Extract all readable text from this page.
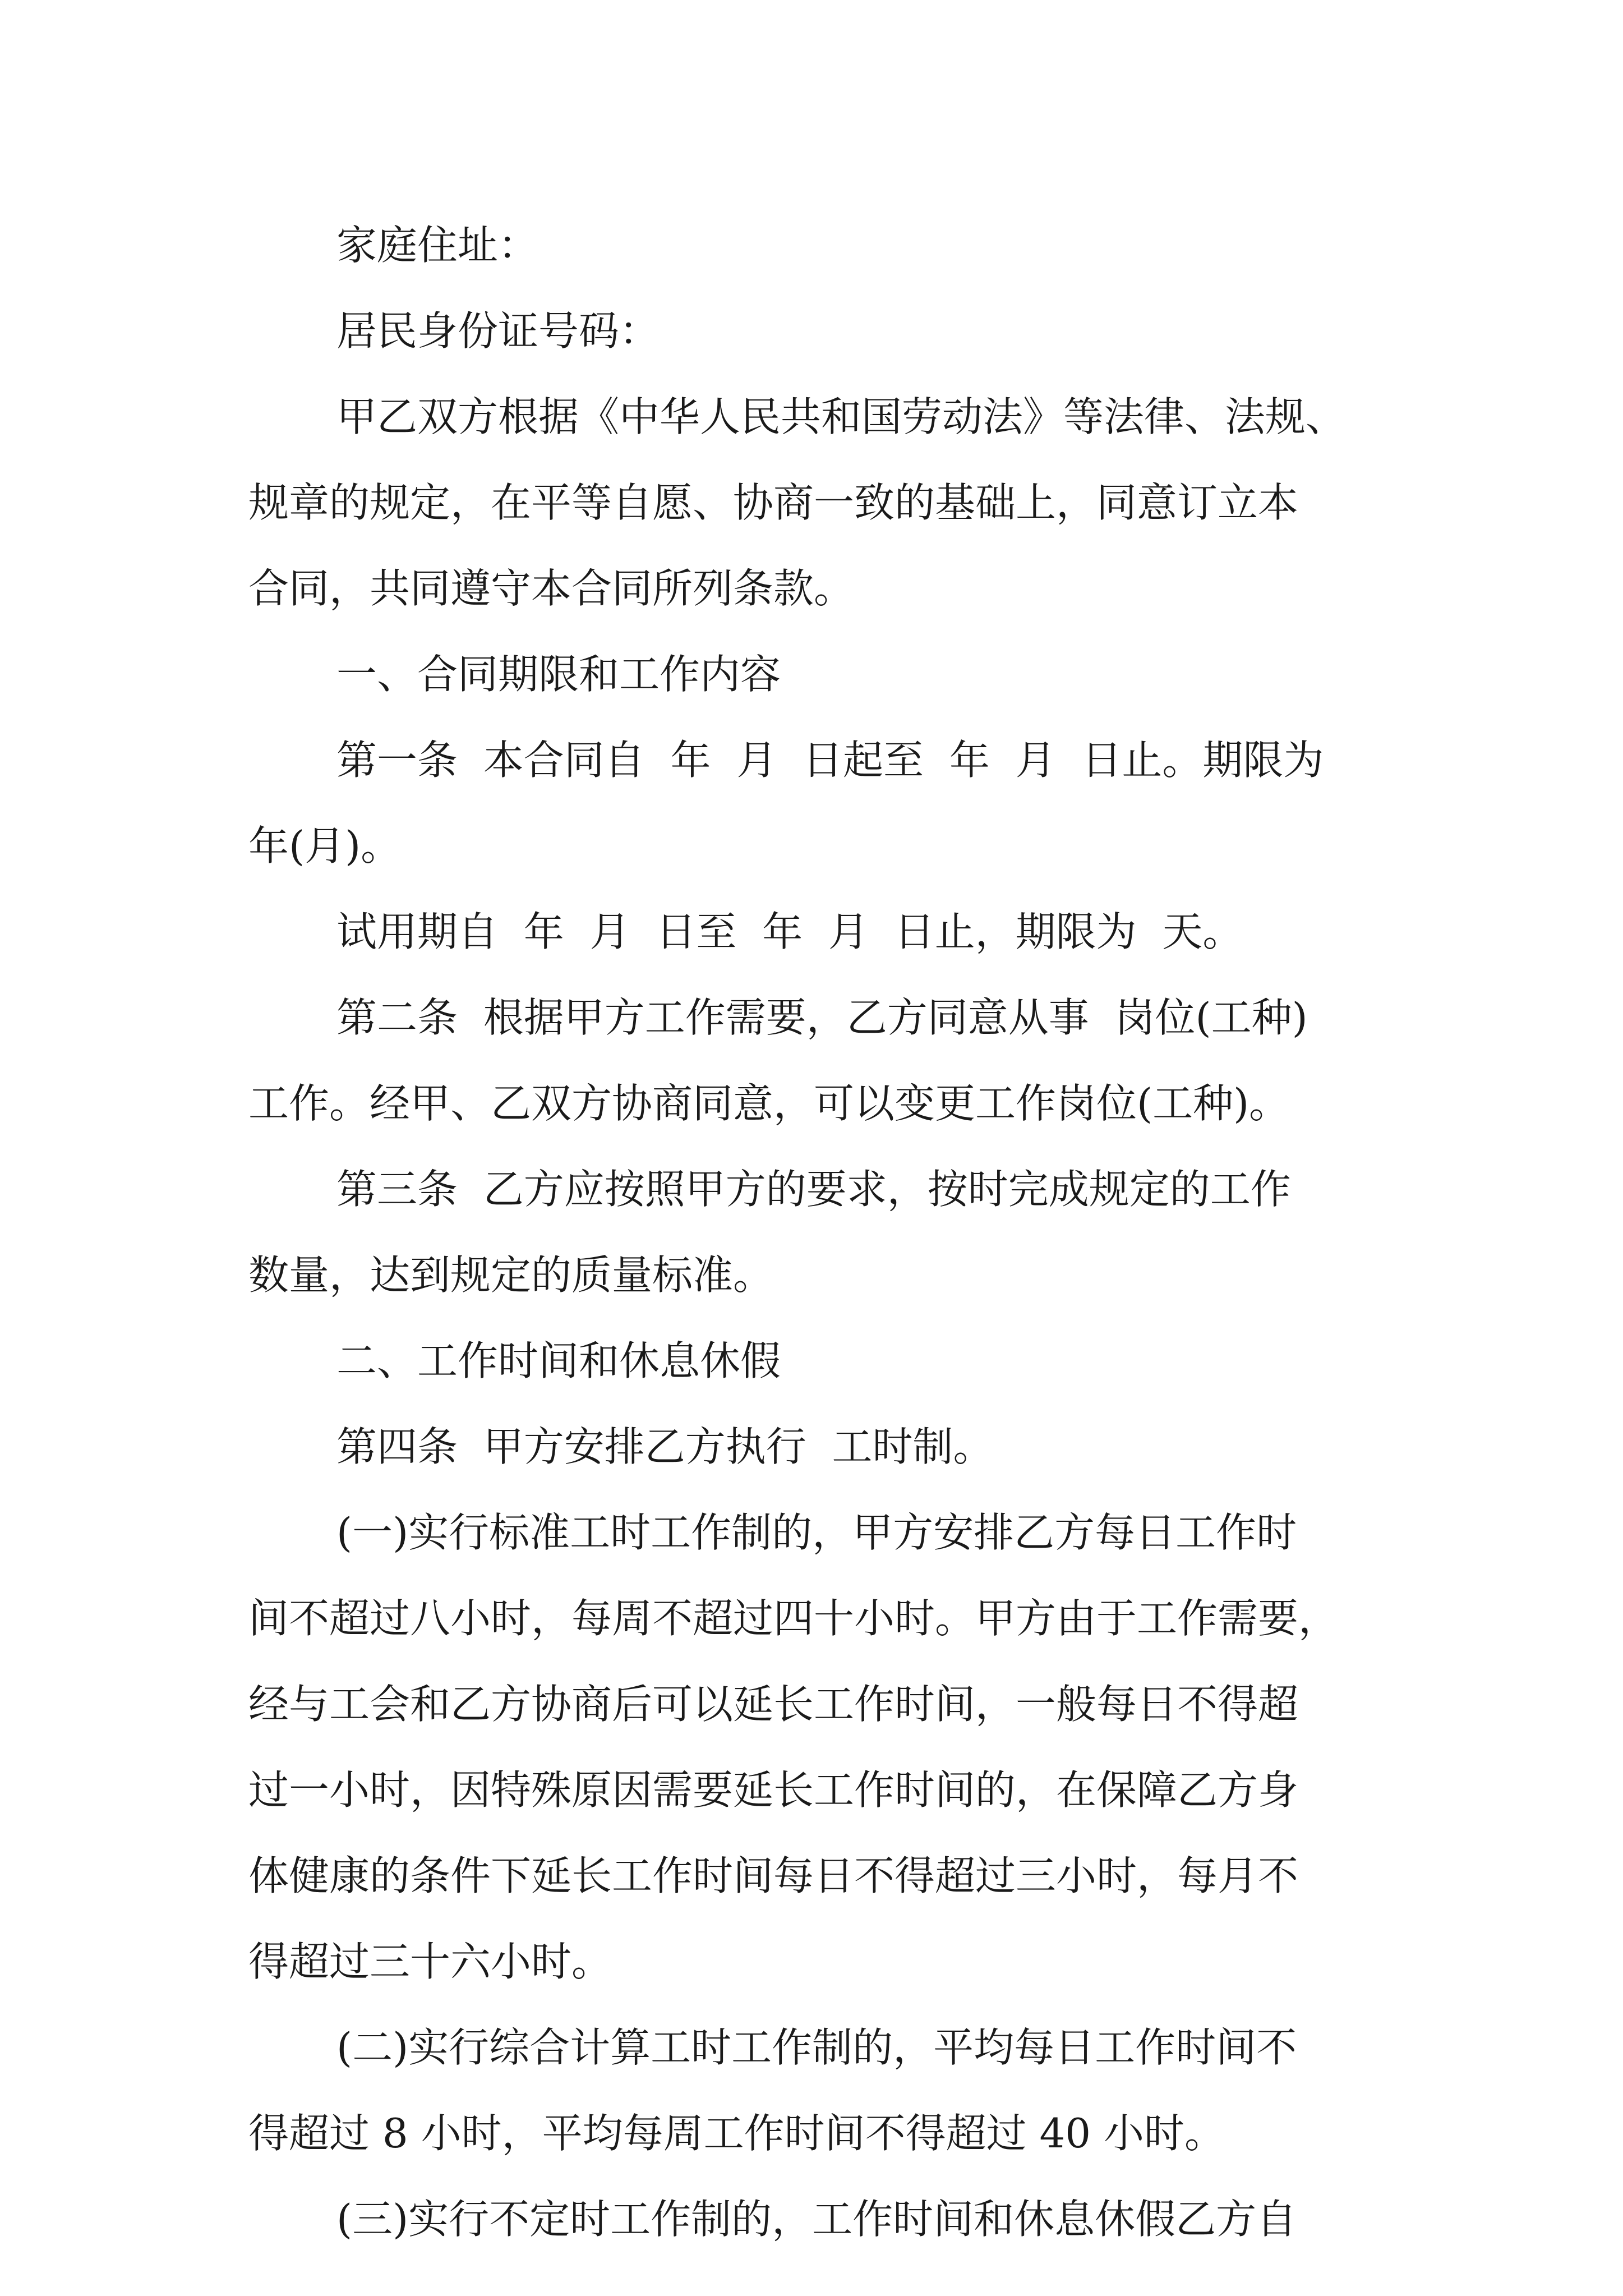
家庭住址：

居民身份证号码：

甲乙双方根据《中华人民共和国劳动法》等法律、法规、

规章的规定，在平等自愿、协商一致的基础上，同意订立本

合同，共同遵守本合同所列条款。

一、合同期限和工作内容

第一条  本合同自  年  月  日起至  年  月  日止。期限为

年(月)。

试用期自  年  月  日至  年  月  日止，期限为  天。

第二条  根据甲方工作需要，乙方同意从事  岗位(工种)

工作。经甲、乙双方协商同意，可以变更工作岗位(工种)。

第三条  乙方应按照甲方的要求，按时完成规定的工作

数量，达到规定的质量标准。

二、工作时间和休息休假

第四条  甲方安排乙方执行  工时制。

(一)实行标准工时工作制的，甲方安排乙方每日工作时

间不超过八小时，每周不超过四十小时。甲方由于工作需要，

经与工会和乙方协商后可以延长工作时间，一般每日不得超

过一小时，因特殊原因需要延长工作时间的，在保障乙方身

体健康的条件下延长工作时间每日不得超过三小时，每月不

得超过三十六小时。

(二)实行综合计算工时工作制的，平均每日工作时间不

得超过 8 小时，平均每周工作时间不得超过 40 小时。

(三)实行不定时工作制的，工作时间和休息休假乙方自
